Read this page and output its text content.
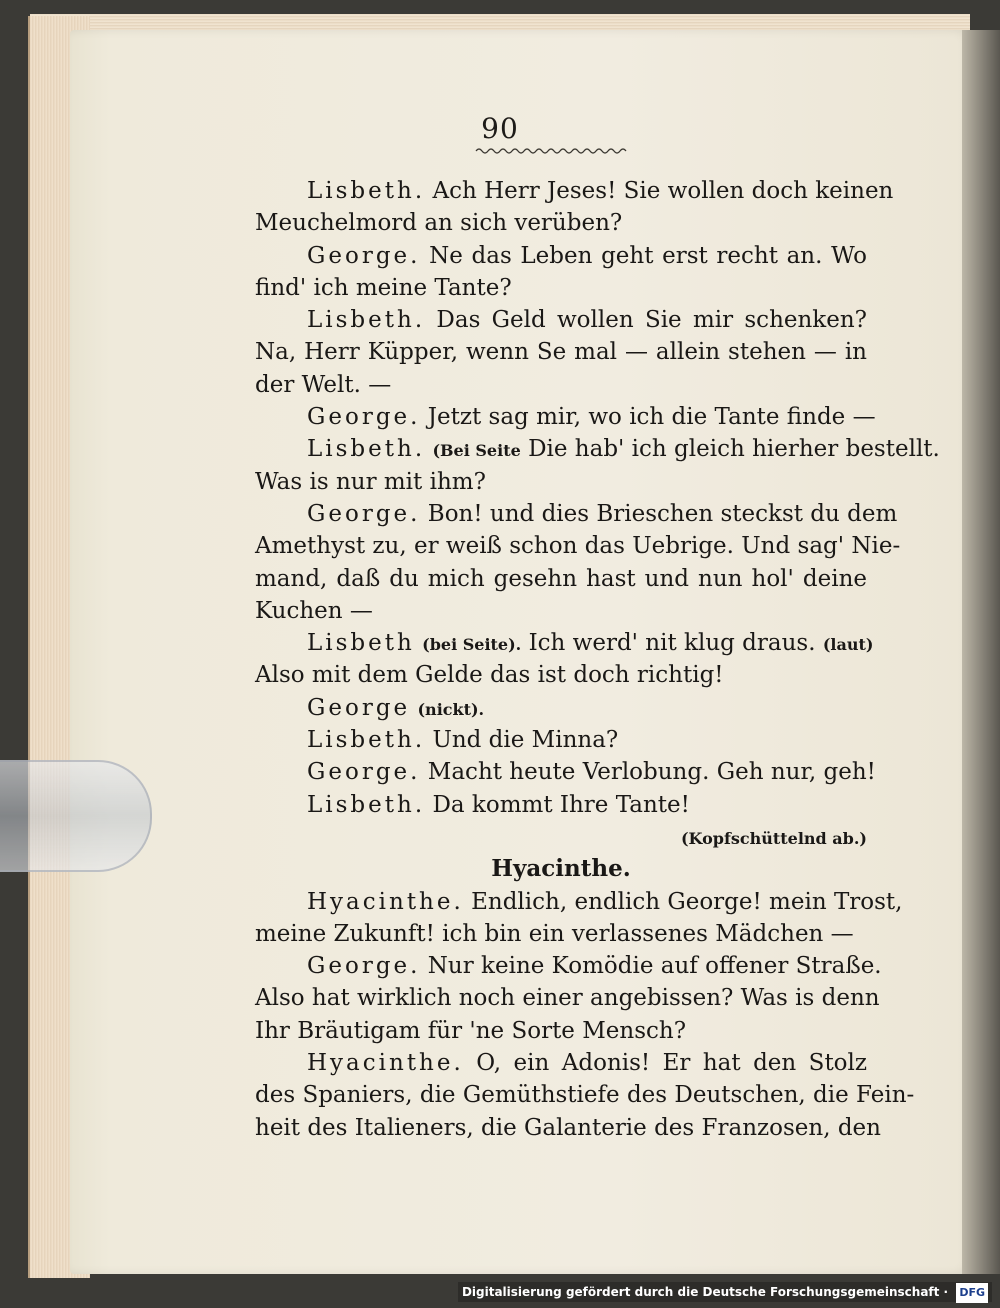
90
Lisbeth. Ach Herr Jeses! Sie wollen doch keinen
Meuchelmord an sich verüben?
George. Ne das Leben geht erst recht an. Wo
find' ich meine Tante?
Lisbeth. Das Geld wollen Sie mir schenken?
Na, Herr Küpper, wenn Se mal — allein stehen — in
der Welt. —
George. Jetzt sag mir, wo ich die Tante finde —
Lisbeth. (Bei Seite Die hab' ich gleich hierher bestellt.
Was is nur mit ihm?
George. Bon! und dies Brieschen steckst du dem
Amethyst zu, er weiß schon das Uebrige. Und sag' Nie-
mand, daß du mich gesehn hast und nun hol' deine
Kuchen —
Lisbeth (bei Seite). Ich werd' nit klug draus. (laut)
Also mit dem Gelde das ist doch richtig!
George (nickt).
Lisbeth. Und die Minna?
George. Macht heute Verlobung. Geh nur, geh!
Lisbeth. Da kommt Ihre Tante!
(Kopfschüttelnd ab.)
Hyacinthe.
Hyacinthe. Endlich, endlich George! mein Trost,
meine Zukunft! ich bin ein verlassenes Mädchen —
George. Nur keine Komödie auf offener Straße.
Also hat wirklich noch einer angebissen? Was is denn
Ihr Bräutigam für 'ne Sorte Mensch?
Hyacinthe. O, ein Adonis! Er hat den Stolz
des Spaniers, die Gemüthstiefe des Deutschen, die Fein-
heit des Italieners, die Galanterie des Franzosen, den
Digitalisierung gefördert durch die Deutsche Forschungsgemeinschaft · DFG
